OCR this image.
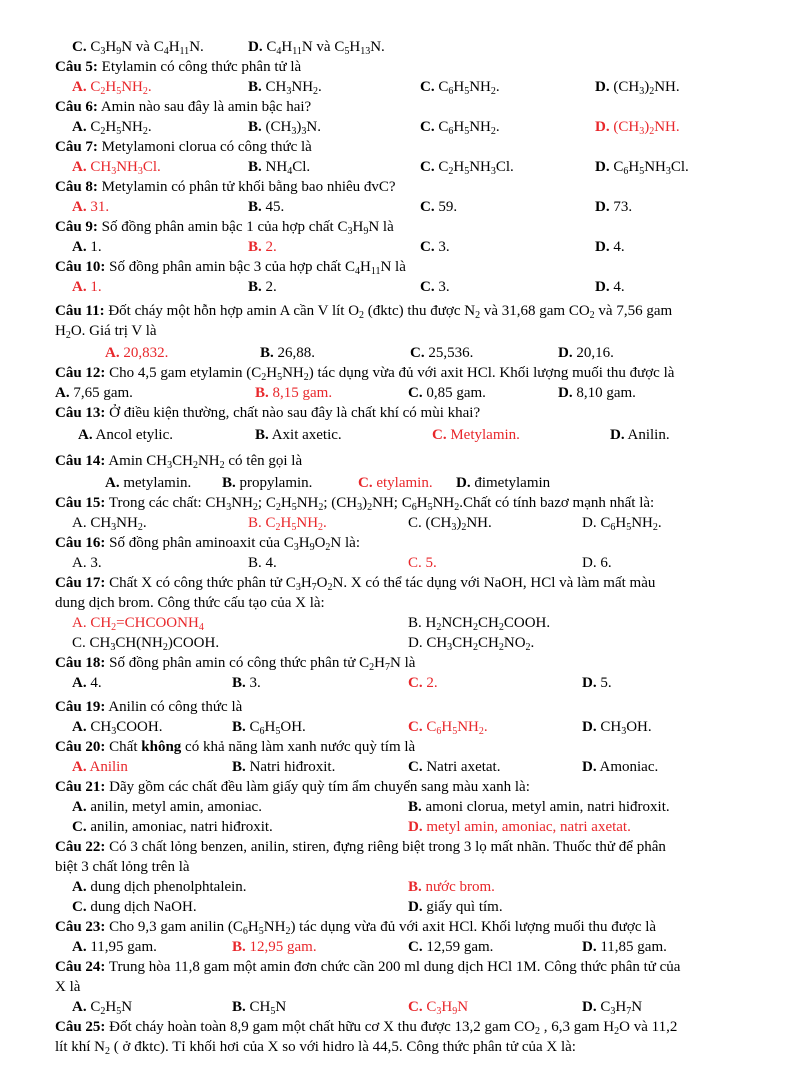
C. $C_3H_9N$ và $C_4H_{11}N$.	D. $C_4H_{11}N$ và $C_5H_{13}N$.
Câu 5: Etylamin có công thức phân tử là
A. $C_2H_5NH_2$.	B. $CH_3NH_2$.	C. $C_6H_5NH_2$.	D. $(CH_3)_2NH$.
Câu 6: Amin nào sau đây là amin bậc hai?
A. $C_2H_5NH_2$.	B. $(CH_3)_3N$.	C. $C_6H_5NH_2$.	D. $(CH_3)_2NH$.
Câu 7: Metylamoni clorua có công thức là
A. $CH_3NH_3Cl$.	B. $NH_4Cl$.	C. $C_2H_5NH_3Cl$.	D. $C_6H_5NH_3Cl$.
Câu 8: Metylamin có phân tử khối bằng bao nhiêu đvC?
A. 31.	B. 45.	C. 59.	D. 73.
Câu 9: Số đồng phân amin bậc 1 của hợp chất $C_3H_9N$ là
A. 1.	B. 2.	C. 3.	D. 4.
Câu 10: Số đồng phân amin bậc 3 của hợp chất $C_4H_{11}N$ là
A. 1.	B. 2.	C. 3.	D. 4.
Câu 11: Đốt cháy một hỗn hợp amin A cần V lít $O_2$ (đktc) thu được $N_2$ và 31,68 gam $CO_2$ và 7,56 gam
$H_2O$. Giá trị V là
A. 20,832.	B. 26,88.	C. 25,536.	D. 20,16.
Câu 12: Cho 4,5 gam etylamin $(C_2H_5NH_2)$ tác dụng vừa đủ với axit HCl. Khối lượng muối thu được là
A. 7,65 gam.	B. 8,15 gam.	C. 0,85 gam.	D. 8,10 gam.
Câu 13: Ở điều kiện thường, chất nào sau đây là chất khí có mùi khai?
A. Ancol etylic.	B. Axit axetic.	C. Metylamin.	D. Anilin.
Câu 14: Amin $CH_3CH_2NH_2$ có tên gọi là
A. metylamin. B. propylamin.	C. etylamin. D. đimetylamin
Câu 15: Trong các chất: $CH_3NH_2$; $C_2H_5NH_2$; $(CH_3)_2NH$; $C_6H_5NH_2.Chất$ có tính bazơ mạnh nhất là:
A. $CH_3NH_2$.	B. $C_2H_5NH_2$.	C. $(CH_3)_2NH$.	D. $C_6H_5NH_2$.
Câu 16: Số đồng phân aminoaxit của $C_3H_9O_2N$ là:
A. 3.	B. 4.	C. 5.	D. 6.
Câu 17: Chất X có công thức phân tử $C_3H_7O_2N$. X có thể tác dụng với NaOH, HCl và làm mất màu
dung dịch brom. Công thức cấu tạo của X là:
A. $CH_2=CHCOONH_4$	B. $H_2NCH_2CH_2COOH$.
C. $CH_3CH(NH_2)COOH$.	D. $CH_3CH_2CH_2NO_2$.
Câu 18: Số đồng phân amin có công thức phân tử $C_2H_7N$ là
A. 4.	B. 3.	C. 2.	D. 5.
Câu 19: Anilin có công thức là
A. $CH_3COOH$.	B. $C_6H_5OH$.	C. $C_6H_5NH_2$.	D. $CH_3OH$.
Câu 20: Chất không có khả năng làm xanh nước quỳ tím là
A. Anilin	B. Natri hiđroxit.	C. Natri axetat.	D. Amoniac.
Câu 21: Dãy gồm các chất đều làm giấy quỳ tím ẩm chuyển sang màu xanh là:
A. anilin, metyl amin, amoniac.	B. amoni clorua, metyl amin, natri hiđroxit.
C. anilin, amoniac, natri hiđroxit.	D. metyl amin, amoniac, natri axetat.
Câu 22: Có 3 chất lỏng benzen, anilin, stiren, đựng riêng biệt trong 3 lọ mất nhãn. Thuốc thử để phân
biệt 3 chất lỏng trên là
A. dung dịch phenolphtalein.	B. nước brom.
C. dung dịch NaOH.	D. giấy quì tím.
Câu 23: Cho 9,3 gam anilin $(C_6H_5NH_2)$ tác dụng vừa đủ với axit HCl. Khối lượng muối thu được là
A. 11,95 gam.	B. 12,95 gam.	C. 12,59 gam.	D. 11,85 gam.
Câu 24: Trung hòa 11,8 gam một amin đơn chức cần 200 ml dung dịch HCl 1M. Công thức phân tử của
X là
A. $C_2H_5N$	B. $CH_5N$	C. $C_3H_9N$	D. $C_3H_7N$
Câu 25: Đốt cháy hoàn toàn 8,9 gam một chất hữu cơ X thu được 13,2 gam $CO_2$ , 6,3 gam $H_2O$ và 11,2
lít khí $N_2$ ( ở đktc). Tỉ khối hơi của X so với hidro là 44,5. Công thức phân tử của X là:
